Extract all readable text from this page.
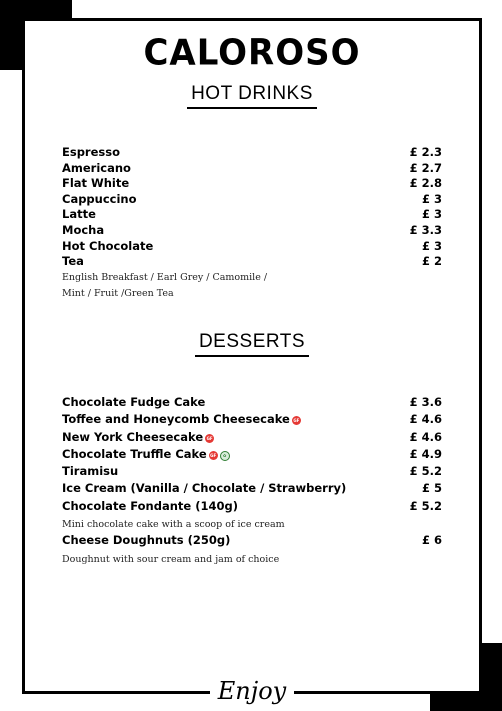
CALOROSO
HOT DRINKS
Espresso	£ 2.3
Americano	£ 2.7
Flat White	£ 2.8
Cappuccino	£ 3
Latte	£ 3
Mocha	£ 3.3
Hot Chocolate	£ 3
Tea	£ 2
English Breakfast / Earl Grey / Camomile /
Mint / Fruit /Green Tea
DESSERTS
Chocolate Fudge Cake	£ 3.6
Toffee and Honeycomb Cheesecake GF	£ 4.6
New York Cheesecake GF	£ 4.6
Chocolate Truffle Cake GF ✿	£ 4.9
Tiramisu	£ 5.2
Ice Cream (Vanilla / Chocolate / Strawberry)	£ 5
Chocolate Fondante (140g)	£ 5.2
Mini chocolate cake with a scoop of ice cream
Cheese Doughnuts (250g)	£ 6
Doughnut with sour cream and jam of choice
Enjoy
